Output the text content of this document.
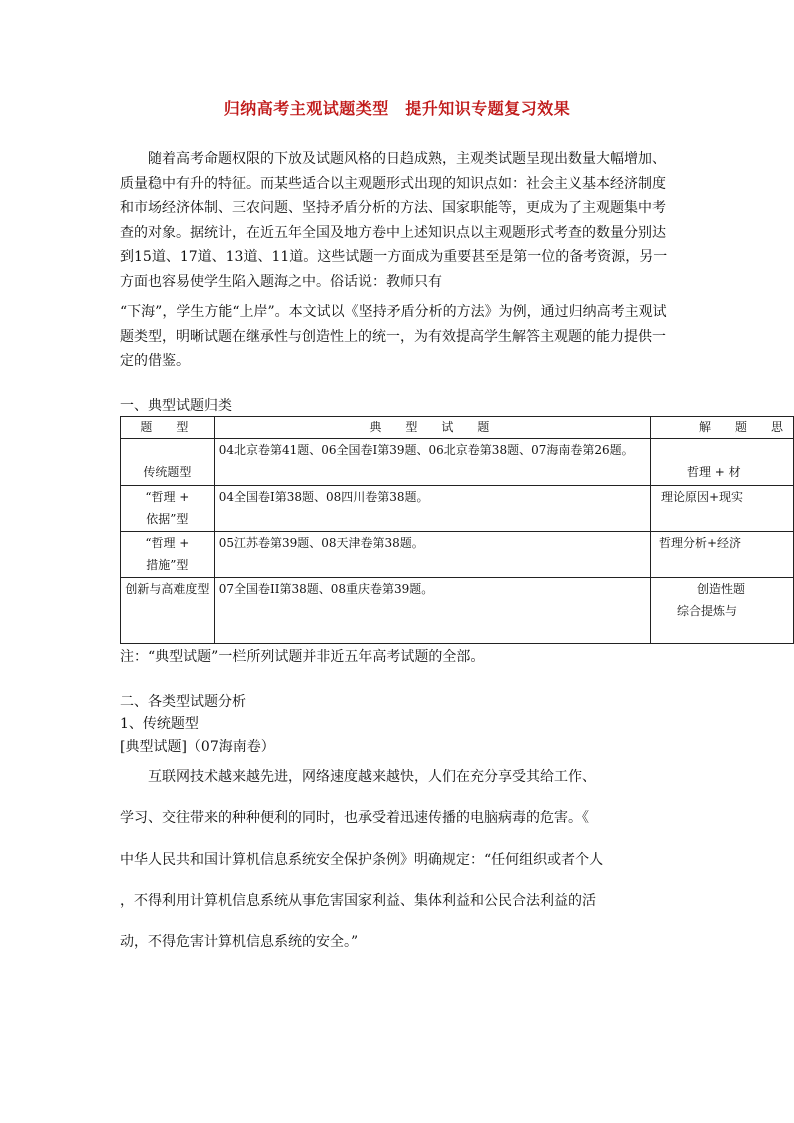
归纳高考主观试题类型　提升知识专题复习效果

随着高考命题权限的下放及试题风格的日趋成熟，主观类试题呈现出数量大幅增加、质量稳中有升的特征。而某些适合以主观题形式出现的知识点如：社会主义基本经济制度和市场经济体制、三农问题、坚持矛盾分析的方法、国家职能等，更成为了主观题集中考查的对象。据统计，在近五年全国及地方卷中上述知识点以主观题形式考查的数量分别达到15道、17道、13道、11道。这些试题一方面成为重要甚至是第一位的备考资源，另一方面也容易使学生陷入题海之中。俗话说：教师只有

“下海”，学生方能“上岸”。本文试以《坚持矛盾分析的方法》为例，通过归纳高考主观试题类型，明晰试题在继承性与创造性上的统一，为有效提高学生解答主观题的能力提供一定的借鉴。

一、典型试题归类
题　型	典　型　试　题	解　题　思

传统题型	04北京卷第41题、06全国卷I第39题、06北京卷第38题、07海南卷第26题。	哲理 + 材

“哲理 +
依据”型	04全国卷I第38题、08四川卷第38题。	理论原因+现实

“哲理 +
措施”型	05江苏卷第39题、08天津卷第38题。	哲理分析+经济

创新与高难度型	07全国卷II第38题、08重庆卷第39题。	创造性题
综合提炼与
注：“典型试题”一栏所列试题并非近五年高考试题的全部。
二、各类型试题分析
1、传统题型
[典型试题]（07海南卷）
互联网技术越来越先进，网络速度越来越快，人们在充分享受其给工作、
学习、交往带来的种种便利的同时，也承受着迅速传播的电脑病毒的危害。《
中华人民共和国计算机信息系统安全保护条例》明确规定：“任何组织或者个人
，不得利用计算机信息系统从事危害国家利益、集体利益和公民合法利益的活
动，不得危害计算机信息系统的安全。”
